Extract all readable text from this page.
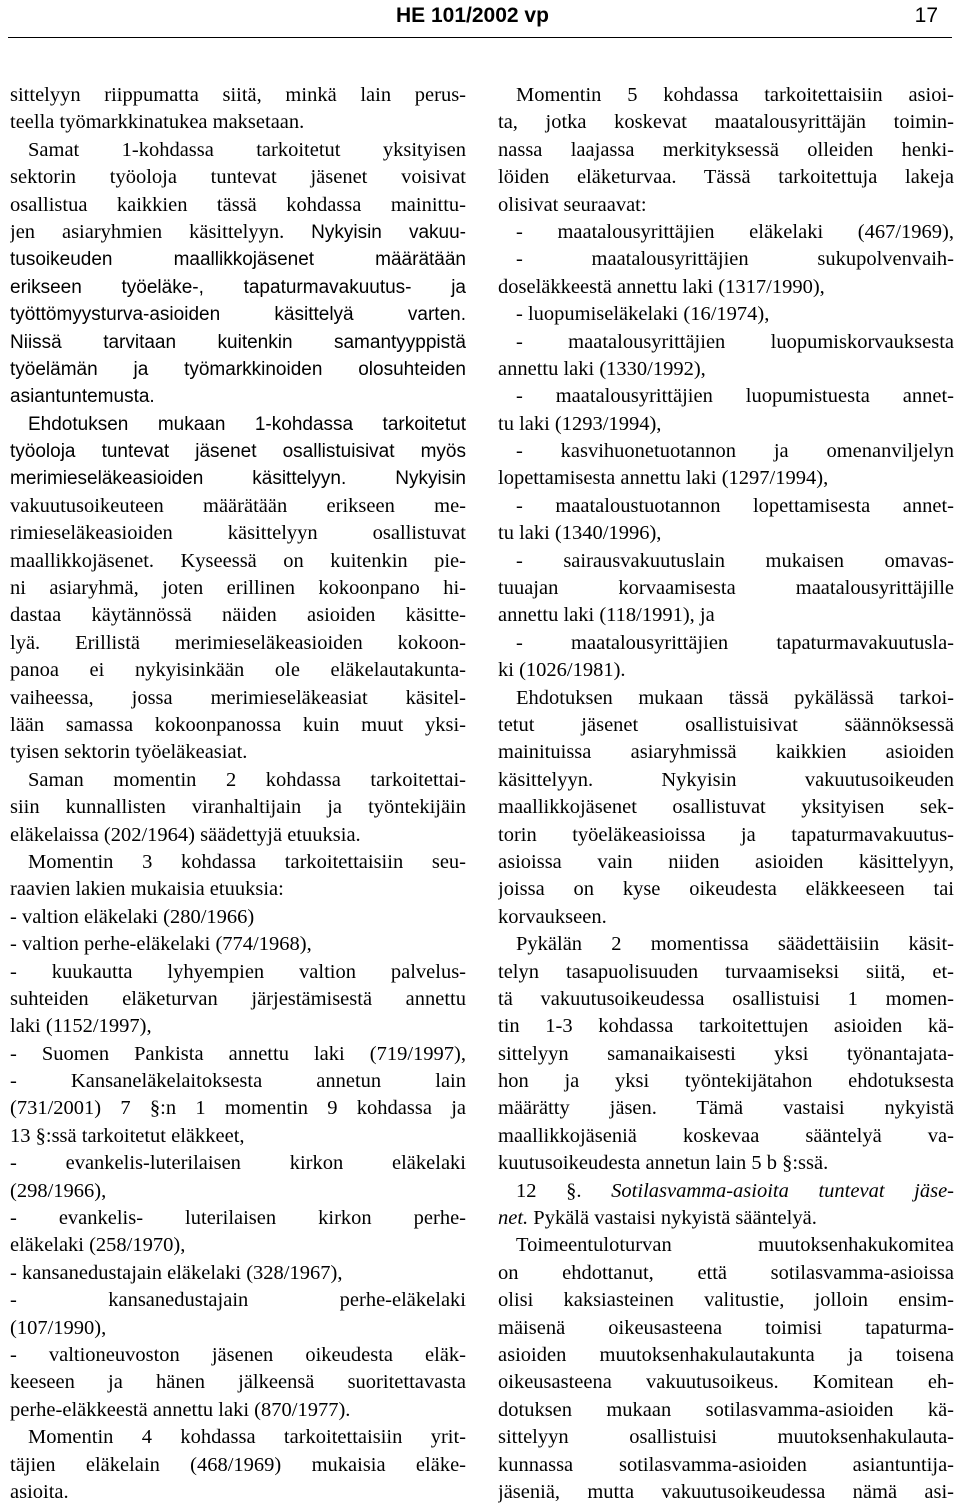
HE 101/2002 vp	17
sittelyyn riippumatta siitä, minkä lain perus-
teella työmarkkinatukea maksetaan.
Samat 1-kohdassa tarkoitetut yksityisen
sektorin työoloja tuntevat jäsenet voisivat
osallistua kaikkien tässä kohdassa mainittu-
jen asiaryhmien käsittelyyn. Nykyisin vakuu-
tusoikeuden maallikkojäsenet määrätään
erikseen työeläke-, tapaturmavakuutus- ja
työttömyysturva-asioiden käsittelyä varten.
Niissä tarvitaan kuitenkin samantyyppistä
työelämän ja työmarkkinoiden olosuhteiden
asiantuntemusta.
Ehdotuksen mukaan 1-kohdassa tarkoitetut
työoloja tuntevat jäsenet osallistuisivat myös
merimieseläkeasioiden käsittelyyn. Nykyisin
vakuutusoikeuteen määrätään erikseen me-
rimieseläkeasioiden käsittelyyn osallistuvat
maallikkojäsenet. Kyseessä on kuitenkin pie-
ni asiaryhmä, joten erillinen kokoonpano hi-
dastaa käytännössä näiden asioiden käsitte-
lyä. Erillistä merimieseläkeasioiden kokoon-
panoa ei nykyisinkään ole eläkelautakunta-
vaiheessa, jossa merimieseläkeasiat käsitel-
lään samassa kokoonpanossa kuin muut yksi-
tyisen sektorin työeläkeasiat.
Saman momentin 2 kohdassa tarkoitettai-
siin kunnallisten viranhaltijain ja työntekijäin
eläkelaissa (202/1964) säädettyjä etuuksia.
Momentin 3 kohdassa tarkoitettaisiin seu-
raavien lakien mukaisia etuuksia:
- valtion eläkelaki (280/1966)
- valtion perhe-eläkelaki (774/1968),
- kuukautta lyhyempien valtion palvelus-
suhteiden eläketurvan järjestämisestä annettu
laki (1152/1997),
- Suomen Pankista annettu laki (719/1997),
- Kansaneläkelaitoksesta annetun lain
(731/2001) 7 §:n 1 momentin 9 kohdassa ja
13 §:ssä tarkoitetut eläkkeet,
- evankelis-luterilaisen kirkon eläkelaki
(298/1966),
- evankelis- luterilaisen kirkon perhe-
eläkelaki (258/1970),
- kansanedustajain eläkelaki (328/1967),
- kansanedustajain perhe-eläkelaki
(107/1990),
- valtioneuvoston jäsenen oikeudesta eläk-
keeseen ja hänen jälkeensä suoritettavasta
perhe-eläkkeestä annettu laki (870/1977).
Momentin 4 kohdassa tarkoitettaisiin yrit-
täjien eläkelain (468/1969) mukaisia eläke-
asioita.
Momentin 5 kohdassa tarkoitettaisiin asioi-
ta, jotka koskevat maatalousyrittäjän toimin-
nassa laajassa merkityksessä olleiden henki-
löiden eläketurvaa. Tässä tarkoitettuja lakeja
olisivat seuraavat:
- maatalousyrittäjien eläkelaki (467/1969),
- maatalousyrittäjien sukupolvenvaih-
doseläkkeestä annettu laki (1317/1990),
- luopumiseläkelaki (16/1974),
- maatalousyrittäjien luopumiskorvauksesta
annettu laki (1330/1992),
- maatalousyrittäjien luopumistuesta annet-
tu laki (1293/1994),
- kasvihuonetuotannon ja omenanviljelyn
lopettamisesta annettu laki (1297/1994),
- maataloustuotannon lopettamisesta annet-
tu laki (1340/1996),
- sairausvakuutuslain mukaisen omavas-
tuuajan korvaamisesta maatalousyrittäjille
annettu laki (118/1991), ja
- maatalousyrittäjien tapaturmavakuutusla-
ki (1026/1981).
Ehdotuksen mukaan tässä pykälässä tarkoi-
tetut jäsenet osallistuisivat säännöksessä
mainituissa asiaryhmissä kaikkien asioiden
käsittelyyn. Nykyisin vakuutusoikeuden
maallikkojäsenet osallistuvat yksityisen sek-
torin työeläkeasioissa ja tapaturmavakuutus-
asioissa vain niiden asioiden käsittelyyn,
joissa on kyse oikeudesta eläkkeeseen tai
korvaukseen.
Pykälän 2 momentissa säädettäisiin käsit-
telyn tasapuolisuuden turvaamiseksi siitä, et-
tä vakuutusoikeudessa osallistuisi 1 momen-
tin 1-3 kohdassa tarkoitettujen asioiden kä-
sittelyyn samanaikaisesti yksi työnantajata-
hon ja yksi työntekijätahon ehdotuksesta
määrätty jäsen. Tämä vastaisi nykyistä
maallikkojäseniä koskevaa sääntelyä va-
kuutusoikeudesta annetun lain 5 b §:ssä.
12 §. Sotilasvamma-asioita tuntevat jäse-
net. Pykälä vastaisi nykyistä sääntelyä.
Toimeentuloturvan muutoksenhakukomitea
on ehdottanut, että sotilasvamma-asioissa
olisi kaksiasteinen valitustie, jolloin ensim-
mäisenä oikeusasteena toimisi tapaturma-
asioiden muutoksenhakulautakunta ja toisena
oikeusasteena vakuutusoikeus. Komitean eh-
dotuksen mukaan sotilasvamma-asioiden kä-
sittelyyn osallistuisi muutoksenhakulauta-
kunnassa sotilasvamma-asioiden asiantuntija-
jäseniä, mutta vakuutusoikeudessa nämä asi-
